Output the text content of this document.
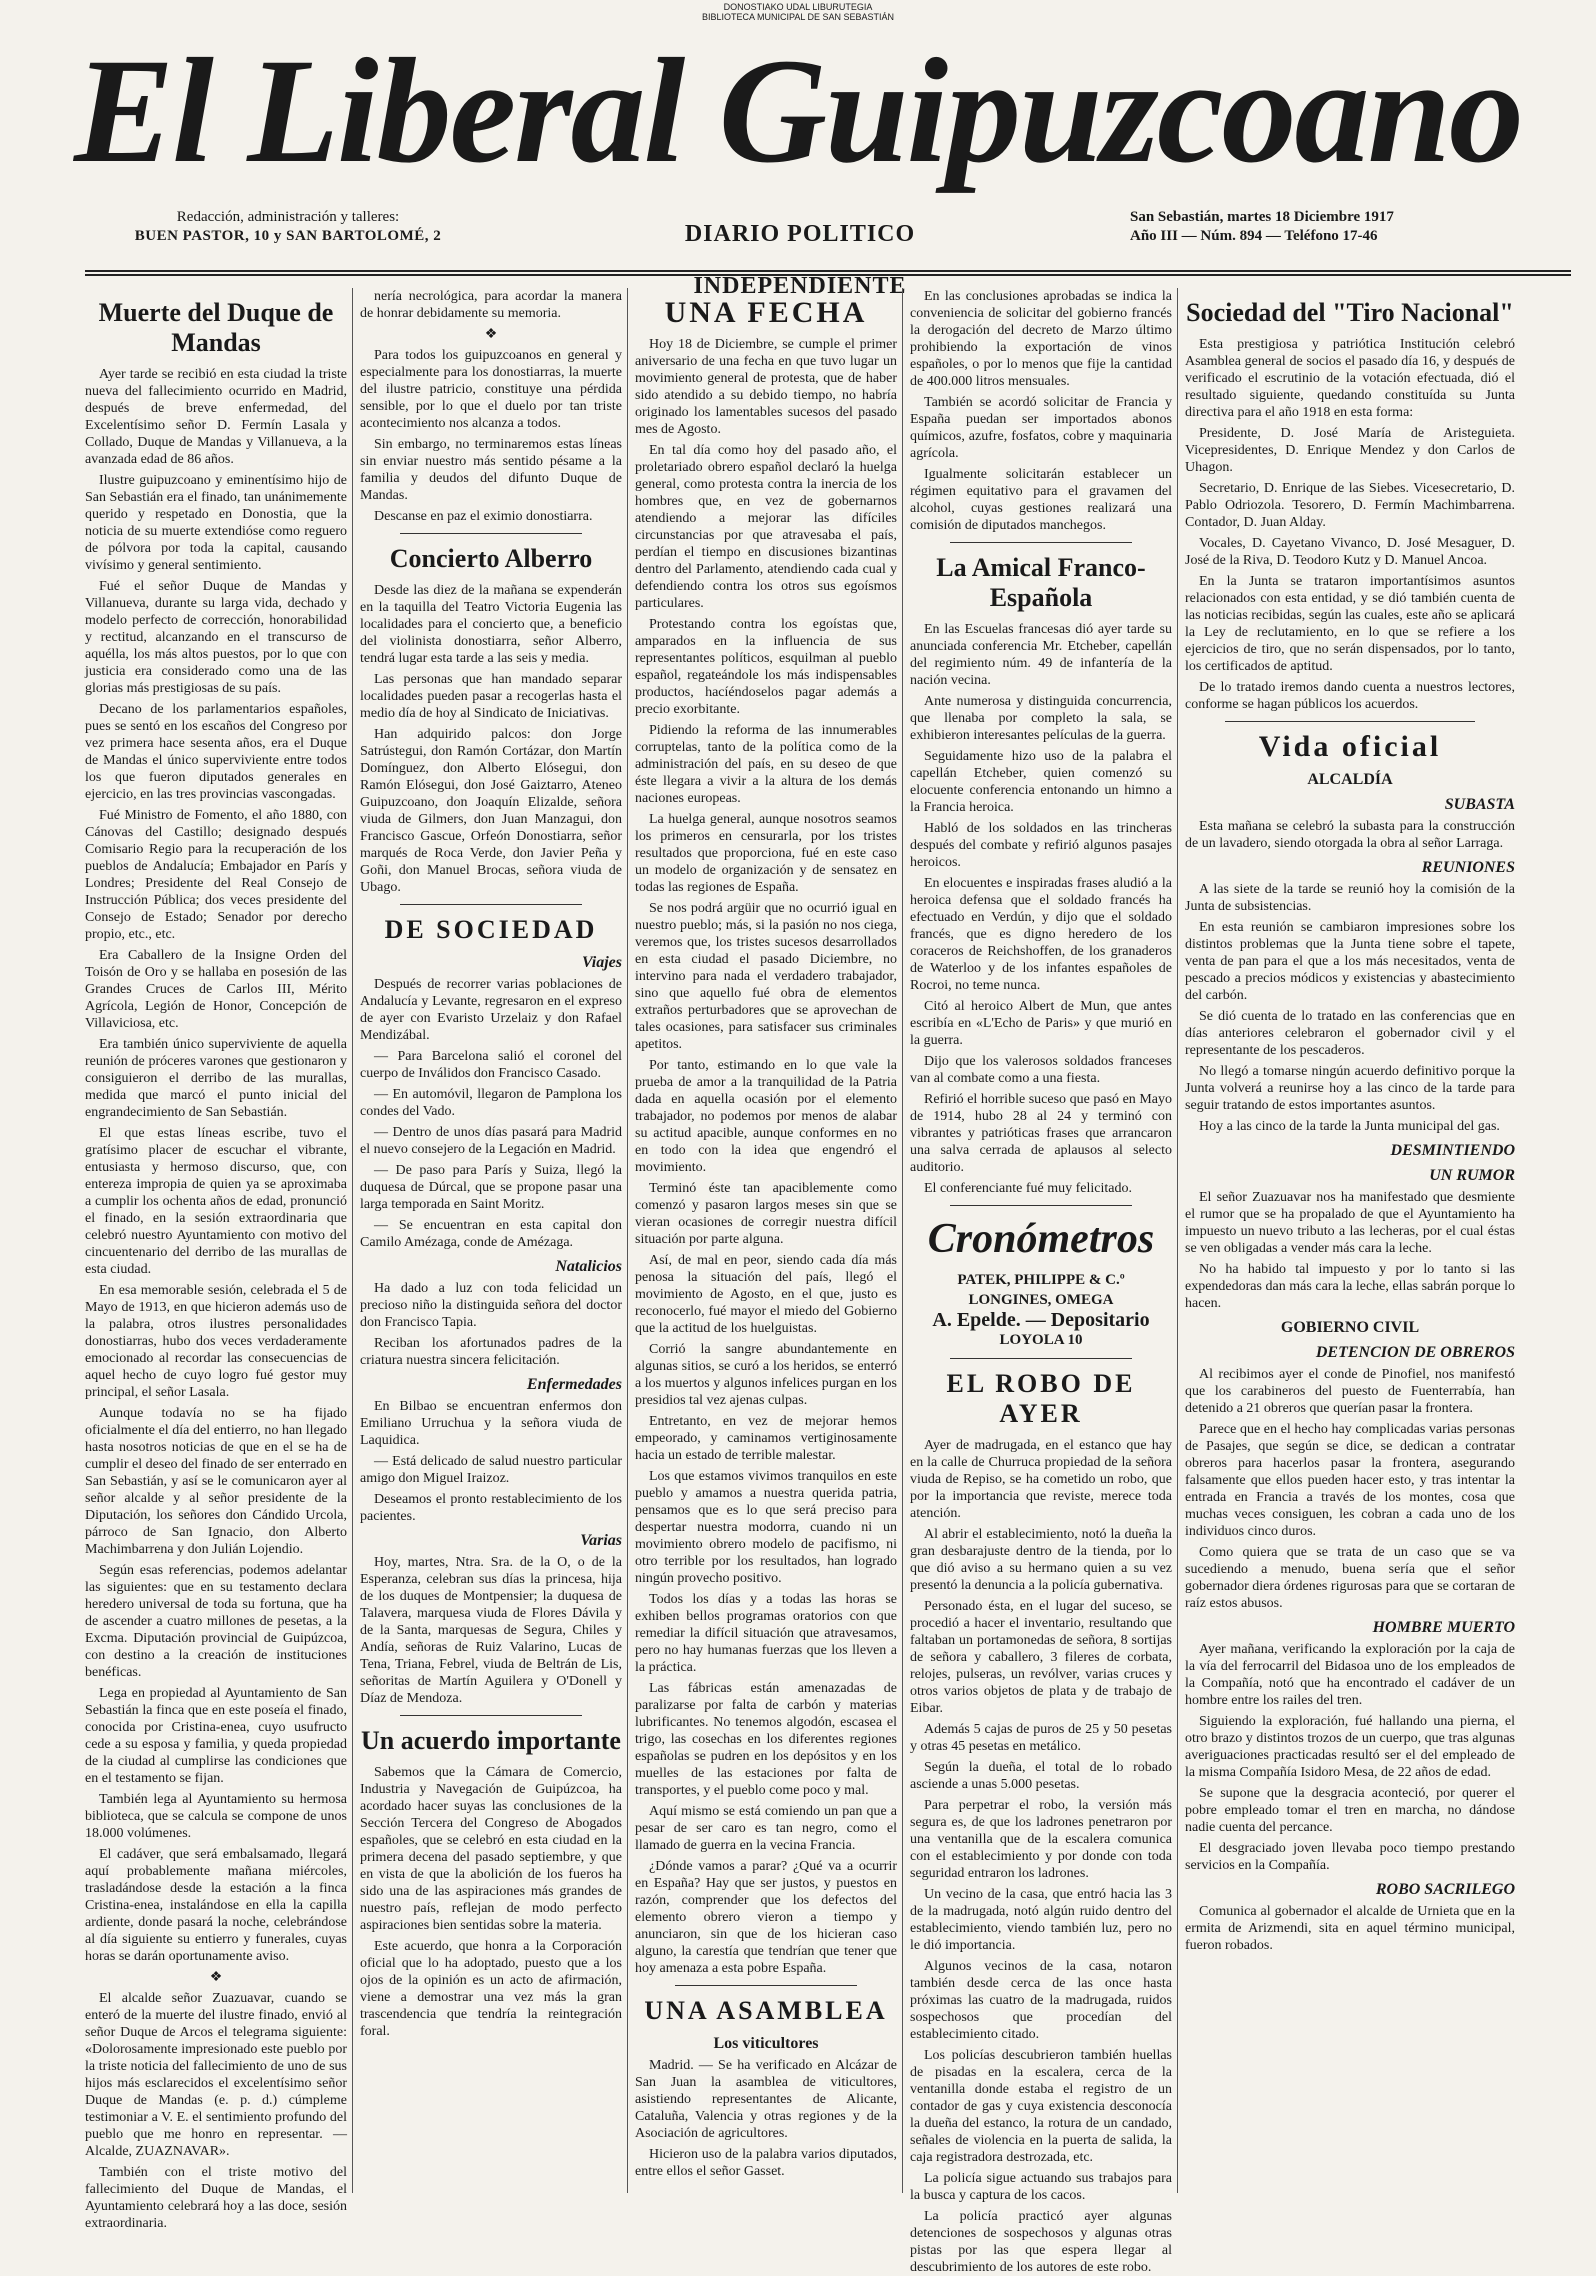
DONOSTIAKO UDAL LIBURUTEGIA
BIBLIOTECA MUNICIPAL DE SAN SEBASTIÁN
El Liberal Guipuzcoano
Redacción, administración y talleres:
BUEN PASTOR, 10 y SAN BARTOLOMÉ, 2	DIARIO POLITICO INDEPENDIENTE
San Sebastián, martes 18 Diciembre 1917
Año III — Núm. 894 — Teléfono 17-46
Muerte del Duque de Mandas

Ayer tarde se recibió en esta ciudad la triste nueva del fallecimiento ocurrido en Madrid, después de breve enfermedad, del Excelentísimo señor D. Fermín Lasala y Collado, Duque de Mandas y Villanueva, a la avanzada edad de 86 años.

Ilustre guipuzcoano y eminentísimo hijo de San Sebastián era el finado, tan unánimemente querido y respetado en Donostia, que la noticia de su muerte extendióse como reguero de pólvora por toda la capital, causando vivísimo y general sentimiento.

Fué el señor Duque de Mandas y Villanueva, durante su larga vida, dechado y modelo perfecto de corrección, honorabilidad y rectitud, alcanzando en el transcurso de aquélla, los más altos puestos, por lo que con justicia era considerado como una de las glorias más prestigiosas de su país.

Decano de los parlamentarios españoles, pues se sentó en los escaños del Congreso por vez primera hace sesenta años, era el Duque de Mandas el único superviviente entre todos los que fueron diputados generales en ejercicio, en las tres provincias vascongadas.

Fué Ministro de Fomento, el año 1880, con Cánovas del Castillo; designado después Comisario Regio para la recuperación de los pueblos de Andalucía; Embajador en París y Londres; Presidente del Real Consejo de Instrucción Pública; dos veces presidente del Consejo de Estado; Senador por derecho propio, etc., etc.

Era Caballero de la Insigne Orden del Toisón de Oro y se hallaba en posesión de las Grandes Cruces de Carlos III, Mérito Agrícola, Legión de Honor, Concepción de Villaviciosa, etc.

Era también único superviviente de aquella reunión de próceres varones que gestionaron y consiguieron el derribo de las murallas, medida que marcó el punto inicial del engrandecimiento de San Sebastián.

El que estas líneas escribe, tuvo el gratísimo placer de escuchar el vibrante, entusiasta y hermoso discurso, que, con entereza impropia de quien ya se aproximaba a cumplir los ochenta años de edad, pronunció el finado, en la sesión extraordinaria que celebró nuestro Ayuntamiento con motivo del cincuentenario del derribo de las murallas de esta ciudad.

En esa memorable sesión, celebrada el 5 de Mayo de 1913, en que hicieron además uso de la palabra, otros ilustres personalidades donostiarras, hubo dos veces verdaderamente emocionado al recordar las consecuencias de aquel hecho de cuyo logro fué gestor muy principal, el señor Lasala.

Aunque todavía no se ha fijado oficialmente el día del entierro, no han llegado hasta nosotros noticias de que en el se ha de cumplir el deseo del finado de ser enterrado en San Sebastián, y así se le comunicaron ayer al señor alcalde y al señor presidente de la Diputación, los señores don Cándido Urcola, párroco de San Ignacio, don Alberto Machimbarrena y don Julián Lojendio.

Según esas referencias, podemos adelantar las siguientes: que en su testamento declara heredero universal de toda su fortuna, que ha de ascender a cuatro millones de pesetas, a la Excma. Diputación provincial de Guipúzcoa, con destino a la creación de instituciones benéficas.

Lega en propiedad al Ayuntamiento de San Sebastián la finca que en este poseía el finado, conocida por Cristina-enea, cuyo usufructo cede a su esposa y familia, y queda propiedad de la ciudad al cumplirse las condiciones que en el testamento se fijan.

También lega al Ayuntamiento su hermosa biblioteca, que se calcula se compone de unos 18.000 volúmenes.

El cadáver, que será embalsamado, llegará aquí probablemente mañana miércoles, trasladándose desde la estación a la finca Cristina-enea, instalándose en ella la capilla ardiente, donde pasará la noche, celebrándose al día siguiente su entierro y funerales, cuyas horas se darán oportunamente aviso.

❖

El alcalde señor Zuazuavar, cuando se enteró de la muerte del ilustre finado, envió al señor Duque de Arcos el telegrama siguiente: «Dolorosamente impresionado este pueblo por la triste noticia del fallecimiento de uno de sus hijos más esclarecidos el excelentísimo señor Duque de Mandas (e. p. d.) cúmpleme testimoniar a V. E. el sentimiento profundo del pueblo que me honro en representar. — Alcalde, ZUAZNAVAR».

También con el triste motivo del fallecimiento del Duque de Mandas, el Ayuntamiento celebrará hoy a las doce, sesión extraordinaria.

nería necrológica, para acordar la manera de honrar debidamente su memoria.

❖

Para todos los guipuzcoanos en general y especialmente para los donostiarras, la muerte del ilustre patricio, constituye una pérdida sensible, por lo que el duelo por tan triste acontecimiento nos alcanza a todos.

Sin embargo, no terminaremos estas líneas sin enviar nuestro más sentido pésame a la familia y deudos del difunto Duque de Mandas.

Descanse en paz el eximio donostiarra.

Concierto Alberro

Desde las diez de la mañana se expenderán en la taquilla del Teatro Victoria Eugenia las localidades para el concierto que, a beneficio del violinista donostiarra, señor Alberro, tendrá lugar esta tarde a las seis y media.

Las personas que han mandado separar localidades pueden pasar a recogerlas hasta el medio día de hoy al Sindicato de Iniciativas.

Han adquirido palcos: don Jorge Satrústegui, don Ramón Cortázar, don Martín Domínguez, don Alberto Elósegui, don Ramón Elósegui, don José Gaiztarro, Ateneo Guipuzcoano, don Joaquín Elizalde, señora viuda de Gilmers, don Juan Manzagui, don Francisco Gascue, Orfeón Donostiarra, señor marqués de Roca Verde, don Javier Peña y Goñi, don Manuel Brocas, señora viuda de Ubago.

DE SOCIEDAD
Viajes

Después de recorrer varias poblaciones de Andalucía y Levante, regresaron en el expreso de ayer con Evaristo Urzelaiz y don Rafael Mendizábal.

— Para Barcelona salió el coronel del cuerpo de Inválidos don Francisco Casado.

— En automóvil, llegaron de Pamplona los condes del Vado.

— Dentro de unos días pasará para Madrid el nuevo consejero de la Legación en Madrid.

— De paso para París y Suiza, llegó la duquesa de Dúrcal, que se propone pasar una larga temporada en Saint Moritz.

— Se encuentran en esta capital don Camilo Amézaga, conde de Amézaga.

Natalicios

Ha dado a luz con toda felicidad un precioso niño la distinguida señora del doctor don Francisco Tapia.

Reciban los afortunados padres de la criatura nuestra sincera felicitación.

Enfermedades

En Bilbao se encuentran enfermos don Emiliano Urruchua y la señora viuda de Laquidica.

— Está delicado de salud nuestro particular amigo don Miguel Iraizoz.

Deseamos el pronto restablecimiento de los pacientes.

Varias

Hoy, martes, Ntra. Sra. de la O, o de la Esperanza, celebran sus días la princesa, hija de los duques de Montpensier; la duquesa de Talavera, marquesa viuda de Flores Dávila y de la Santa, marquesas de Segura, Chiles y Andía, señoras de Ruiz Valarino, Lucas de Tena, Triana, Febrel, viuda de Beltrán de Lis, señoritas de Martín Aguilera y O'Donell y Díaz de Mendoza.

Un acuerdo importante

Sabemos que la Cámara de Comercio, Industria y Navegación de Guipúzcoa, ha acordado hacer suyas las conclusiones de la Sección Tercera del Congreso de Abogados españoles, que se celebró en esta ciudad en la primera decena del pasado septiembre, y que en vista de que la abolición de los fueros ha sido una de las aspiraciones más grandes de nuestro país, reflejan de modo perfecto aspiraciones bien sentidas sobre la materia.

Este acuerdo, que honra a la Corporación oficial que lo ha adoptado, puesto que a los ojos de la opinión es un acto de afirmación, viene a demostrar una vez más la gran trascendencia que tendría la reintegración foral.

UNA FECHA

Hoy 18 de Diciembre, se cumple el primer aniversario de una fecha en que tuvo lugar un movimiento general de protesta, que de haber sido atendido a su debido tiempo, no habría originado los lamentables sucesos del pasado mes de Agosto.

En tal día como hoy del pasado año, el proletariado obrero español declaró la huelga general, como protesta contra la inercia de los hombres que, en vez de gobernarnos atendiendo a mejorar las difíciles circunstancias por que atravesaba el país, perdían el tiempo en discusiones bizantinas dentro del Parlamento, atendiendo cada cual y defendiendo contra los otros sus egoísmos particulares.

Protestando contra los egoístas que, amparados en la influencia de sus representantes políticos, esquilman al pueblo español, regateándole los más indispensables productos, hacíéndoselos pagar además a precio exorbitante.

Pidiendo la reforma de las innumerables corruptelas, tanto de la política como de la administración del país, en su deseo de que éste llegara a vivir a la altura de los demás naciones europeas.

La huelga general, aunque nosotros seamos los primeros en censurarla, por los tristes resultados que proporciona, fué en este caso un modelo de organización y de sensatez en todas las regiones de España.

Se nos podrá argüir que no ocurrió igual en nuestro pueblo; más, si la pasión no nos ciega, veremos que, los tristes sucesos desarrollados en esta ciudad el pasado Diciembre, no intervino para nada el verdadero trabajador, sino que aquello fué obra de elementos extraños perturbadores que se aprovechan de tales ocasiones, para satisfacer sus criminales apetitos.

Por tanto, estimando en lo que vale la prueba de amor a la tranquilidad de la Patria dada en aquella ocasión por el elemento trabajador, no podemos por menos de alabar su actitud apacible, aunque conformes en no en todo con la idea que engendró el movimiento.

Terminó éste tan apaciblemente como comenzó y pasaron largos meses sin que se vieran ocasiones de corregir nuestra difícil situación por parte alguna.

Así, de mal en peor, siendo cada día más penosa la situación del país, llegó el movimiento de Agosto, en el que, justo es reconocerlo, fué mayor el miedo del Gobierno que la actitud de los huelguistas.

Corrió la sangre abundantemente en algunas sitios, se curó a los heridos, se enterró a los muertos y algunos infelices purgan en los presidios tal vez ajenas culpas.

Entretanto, en vez de mejorar hemos empeorado, y caminamos vertiginosamente hacia un estado de terrible malestar.

Los que estamos vivimos tranquilos en este pueblo y amamos a nuestra querida patria, pensamos que es lo que será preciso para despertar nuestra modorra, cuando ni un movimiento obrero modelo de pacifismo, ni otro terrible por los resultados, han logrado ningún provecho positivo.

Todos los días y a todas las horas se exhiben bellos programas oratorios con que remediar la difícil situación que atravesamos, pero no hay humanas fuerzas que los lleven a la práctica.

Las fábricas están amenazadas de paralizarse por falta de carbón y materias lubrificantes. No tenemos algodón, escasea el trigo, las cosechas en los diferentes regiones españolas se pudren en los depósitos y en los muelles de las estaciones por falta de transportes, y el pueblo come poco y mal.

Aquí mismo se está comiendo un pan que a pesar de ser caro es tan negro, como el llamado de guerra en la vecina Francia.

¿Dónde vamos a parar? ¿Qué va a ocurrir en España? Hay que ser justos, y puestos en razón, comprender que los defectos del elemento obrero vieron a tiempo y anunciaron, sin que de los hicieran caso alguno, la carestía que tendrían que tener que hoy amenaza a esta pobre España.

UNA ASAMBLEA
Los viticultores

Madrid. — Se ha verificado en Alcázar de San Juan la asamblea de viticultores, asistiendo representantes de Alicante, Cataluña, Valencia y otras regiones y de la Asociación de agricultores.

Hicieron uso de la palabra varios diputados, entre ellos el señor Gasset.

En las conclusiones aprobadas se indica la conveniencia de solicitar del gobierno francés la derogación del decreto de Marzo último prohibiendo la exportación de vinos españoles, o por lo menos que fije la cantidad de 400.000 litros mensuales.

También se acordó solicitar de Francia y España puedan ser importados abonos químicos, azufre, fosfatos, cobre y maquinaria agrícola.

Igualmente solicitarán establecer un régimen equitativo para el gravamen del alcohol, cuyas gestiones realizará una comisión de diputados manchegos.

La Amical Franco-Española

En las Escuelas francesas dió ayer tarde su anunciada conferencia Mr. Etcheber, capellán del regimiento núm. 49 de infantería de la nación vecina.

Ante numerosa y distinguida concurrencia, que llenaba por completo la sala, se exhibieron interesantes películas de la guerra.

Seguidamente hizo uso de la palabra el capellán Etcheber, quien comenzó su elocuente conferencia entonando un himno a la Francia heroica.

Habló de los soldados en las trincheras después del combate y refirió algunos pasajes heroicos.

En elocuentes e inspiradas frases aludió a la heroica defensa que el soldado francés ha efectuado en Verdún, y dijo que el soldado francés, que es digno heredero de los coraceros de Reichshoffen, de los granaderos de Waterloo y de los infantes españoles de Rocroi, no teme nunca.

Citó al heroico Albert de Mun, que antes escribía en «L'Echo de Paris» y que murió en la guerra.

Dijo que los valerosos soldados franceses van al combate como a una fiesta.

Refirió el horrible suceso que pasó en Mayo de 1914, hubo 28 al 24 y terminó con vibrantes y patrióticas frases que arrancaron una salva cerrada de aplausos al selecto auditorio.

El conferenciante fué muy felicitado.

Cronómetros
PATEK, PHILIPPE & C.º
LONGINES, OMEGA
A. Epelde. — Depositario
LOYOLA 10
EL ROBO DE AYER

Ayer de madrugada, en el estanco que hay en la calle de Churruca propiedad de la señora viuda de Repiso, se ha cometido un robo, que por la importancia que reviste, merece toda atención.

Al abrir el establecimiento, notó la dueña la gran desbarajuste dentro de la tienda, por lo que dió aviso a su hermano quien a su vez presentó la denuncia a la policía gubernativa.

Personado ésta, en el lugar del suceso, se procedió a hacer el inventario, resultando que faltaban un portamonedas de señora, 8 sortijas de señora y caballero, 3 fileres de corbata, relojes, pulseras, un revólver, varias cruces y otros varios objetos de plata y de trabajo de Eibar.

Además 5 cajas de puros de 25 y 50 pesetas y otras 45 pesetas en metálico.

Según la dueña, el total de lo robado asciende a unas 5.000 pesetas.

Para perpetrar el robo, la versión más segura es, de que los ladrones penetraron por una ventanilla que de la escalera comunica con el establecimiento y por donde con toda seguridad entraron los ladrones.

Un vecino de la casa, que entró hacia las 3 de la madrugada, notó algún ruido dentro del establecimiento, viendo también luz, pero no le dió importancia.

Algunos vecinos de la casa, notaron también desde cerca de las once hasta próximas las cuatro de la madrugada, ruidos sospechosos que procedían del establecimiento citado.

Los policías descubrieron también huellas de pisadas en la escalera, cerca de la ventanilla donde estaba el registro de un contador de gas y cuya existencia desconocía la dueña del estanco, la rotura de un candado, señales de violencia en la puerta de salida, la caja registradora destrozada, etc.

La policía sigue actuando sus trabajos para la busca y captura de los cacos.

La policía practicó ayer algunas detenciones de sospechosos y algunas otras pistas por las que espera llegar al descubrimiento de los autores de este robo.

Sociedad del "Tiro Nacional"

Esta prestigiosa y patriótica Institución celebró Asamblea general de socios el pasado día 16, y después de verificado el escrutinio de la votación efectuada, dió el resultado siguiente, quedando constituída su Junta directiva para el año 1918 en esta forma:

Presidente, D. José María de Aristeguieta. Vicepresidentes, D. Enrique Mendez y don Carlos de Uhagon.

Secretario, D. Enrique de las Siebes. Vicesecretario, D. Pablo Odriozola. Tesorero, D. Fermín Machimbarrena. Contador, D. Juan Alday.

Vocales, D. Cayetano Vivanco, D. José Mesaguer, D. José de la Riva, D. Teodoro Kutz y D. Manuel Ancoa.

En la Junta se trataron importantísimos asuntos relacionados con esta entidad, y se dió también cuenta de las noticias recibidas, según las cuales, este año se aplicará la Ley de reclutamiento, en lo que se refiere a los ejercicios de tiro, que no serán dispensados, por lo tanto, los certificados de aptitud.

De lo tratado iremos dando cuenta a nuestros lectores, conforme se hagan públicos los acuerdos.

Vida oficial
ALCALDÍA
SUBASTA

Esta mañana se celebró la subasta para la construcción de un lavadero, siendo otorgada la obra al señor Larraga.

REUNIONES

A las siete de la tarde se reunió hoy la comisión de la Junta de subsistencias.

En esta reunión se cambiaron impresiones sobre los distintos problemas que la Junta tiene sobre el tapete, venta de pan para el que a los más necesitados, venta de pescado a precios módicos y existencias y abastecimiento del carbón.

Se dió cuenta de lo tratado en las conferencias que en días anteriores celebraron el gobernador civil y el representante de los pescaderos.

No llegó a tomarse ningún acuerdo definitivo porque la Junta volverá a reunirse hoy a las cinco de la tarde para seguir tratando de estos importantes asuntos.

Hoy a las cinco de la tarde la Junta municipal del gas.

DESMINTIENDO
UN RUMOR

El señor Zuazuavar nos ha manifestado que desmiente el rumor que se ha propalado de que el Ayuntamiento ha impuesto un nuevo tributo a las lecheras, por el cual éstas se ven obligadas a vender más cara la leche.

No ha habido tal impuesto y por lo tanto si las expendedoras dan más cara la leche, ellas sabrán porque lo hacen.

GOBIERNO CIVIL
DETENCION DE OBREROS

Al recibimos ayer el conde de Pinofiel, nos manifestó que los carabineros del puesto de Fuenterrabía, han detenido a 21 obreros que querían pasar la frontera.

Parece que en el hecho hay complicadas varias personas de Pasajes, que según se dice, se dedican a contratar obreros para hacerlos pasar la frontera, asegurando falsamente que ellos pueden hacer esto, y tras intentar la entrada en Francia a través de los montes, cosa que muchas veces consiguen, les cobran a cada uno de los individuos cinco duros.

Como quiera que se trata de un caso que se va sucediendo a menudo, buena sería que el señor gobernador diera órdenes rigurosas para que se cortaran de raíz estos abusos.

HOMBRE MUERTO

Ayer mañana, verificando la exploración por la caja de la vía del ferrocarril del Bidasoa uno de los empleados de la Compañía, notó que ha encontrado el cadáver de un hombre entre los railes del tren.

Siguiendo la exploración, fué hallando una pierna, el otro brazo y distintos trozos de un cuerpo, que tras algunas averiguaciones practicadas resultó ser el del empleado de la misma Compañía Isidoro Mesa, de 22 años de edad.

Se supone que la desgracia aconteció, por querer el pobre empleado tomar el tren en marcha, no dándose nadie cuenta del percance.

El desgraciado joven llevaba poco tiempo prestando servicios en la Compañía.

ROBO SACRILEGO

Comunica al gobernador el alcalde de Urnieta que en la ermita de Arizmendi, sita en aquel término municipal, fueron robados.
